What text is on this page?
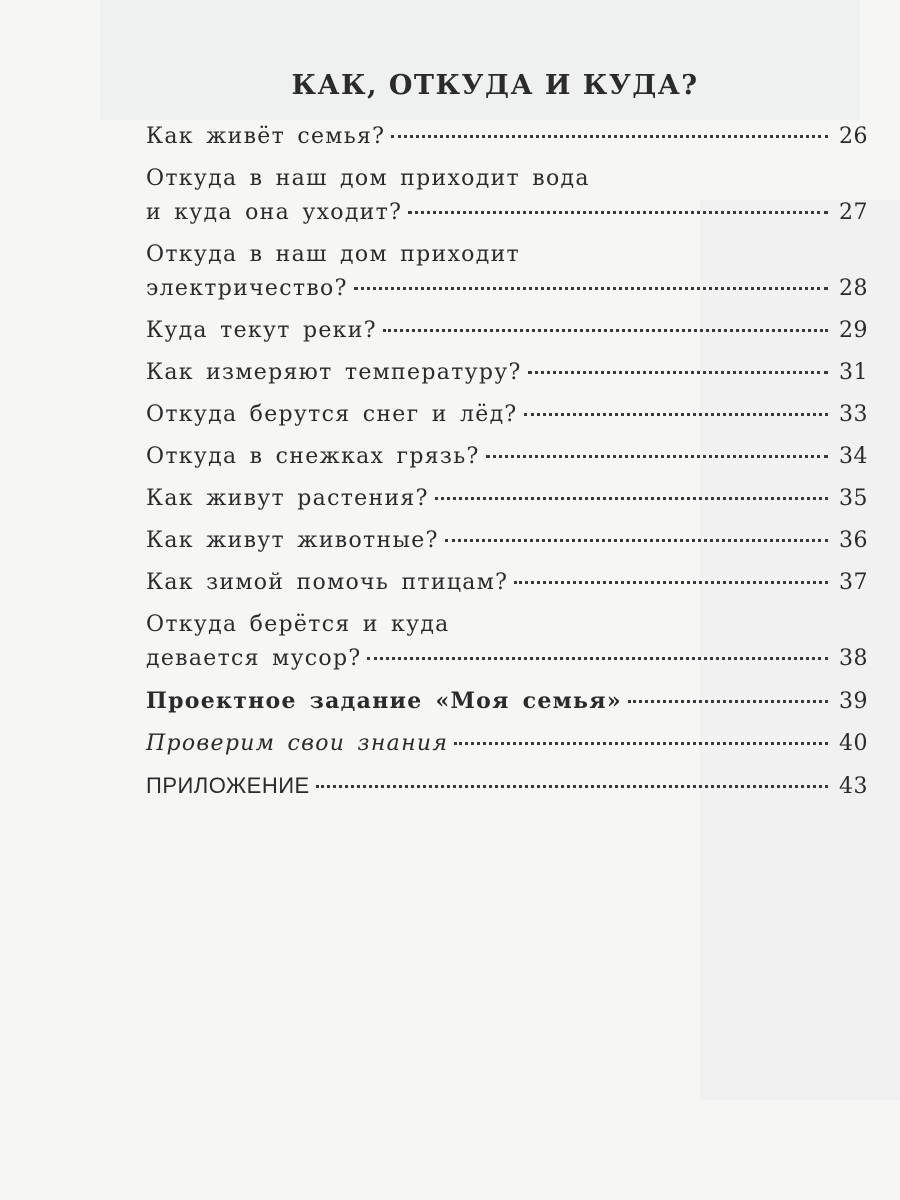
КАК, ОТКУДА И КУДА?
Как живёт семья?	26
Откуда в наш дом приходит вода
и куда она уходит?	27
Откуда в наш дом приходит
электричество?	28
Куда текут реки?	29
Как измеряют температуру?	31
Откуда берутся снег и лёд?	33
Откуда в снежках грязь?	34
Как живут растения?	35
Как живут животные?	36
Как зимой помочь птицам?	37
Откуда берётся и куда
девается мусор?	38
Проектное задание «Моя семья»	39
Проверим свои знания	40
ПРИЛОЖЕНИЕ	43
